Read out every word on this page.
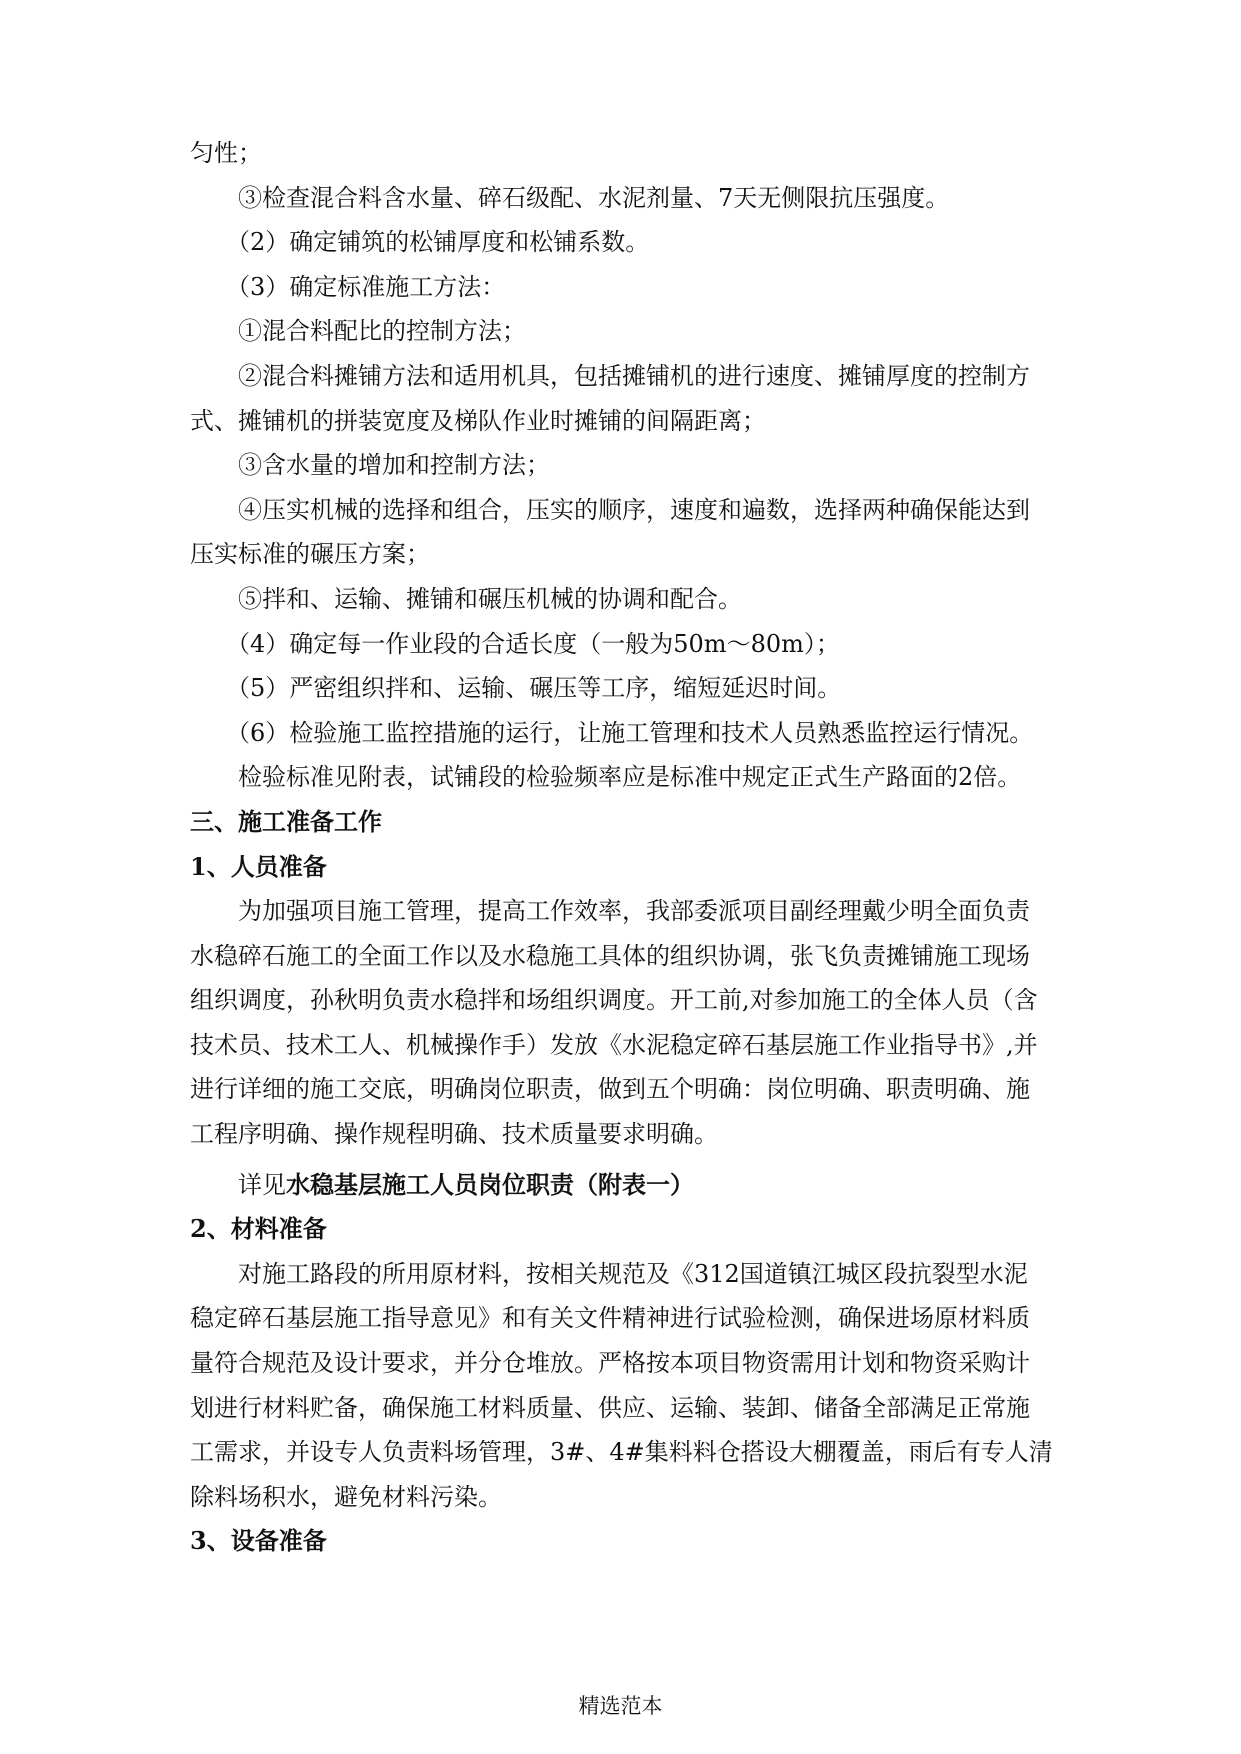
匀性；

③检查混合料含水量、碎石级配、水泥剂量、7天无侧限抗压强度。

（2）确定铺筑的松铺厚度和松铺系数。

（3）确定标准施工方法：

①混合料配比的控制方法；

②混合料摊铺方法和适用机具，包括摊铺机的进行速度、摊铺厚度的控制方

式、摊铺机的拼装宽度及梯队作业时摊铺的间隔距离；

③含水量的增加和控制方法；

④压实机械的选择和组合，压实的顺序，速度和遍数，选择两种确保能达到

压实标准的碾压方案；

⑤拌和、运输、摊铺和碾压机械的协调和配合。

（4）确定每一作业段的合适长度（一般为50m～80m）；

（5）严密组织拌和、运输、碾压等工序，缩短延迟时间。

（6）检验施工监控措施的运行，让施工管理和技术人员熟悉监控运行情况。

检验标准见附表，试铺段的检验频率应是标准中规定正式生产路面的2倍。

三、施工准备工作

1、人员准备

为加强项目施工管理，提高工作效率，我部委派项目副经理戴少明全面负责

水稳碎石施工的全面工作以及水稳施工具体的组织协调，张飞负责摊铺施工现场

组织调度，孙秋明负责水稳拌和场组织调度。开工前,对参加施工的全体人员（含

技术员、技术工人、机械操作手）发放《水泥稳定碎石基层施工作业指导书》,并

进行详细的施工交底，明确岗位职责，做到五个明确：岗位明确、职责明确、施

工程序明确、操作规程明确、技术质量要求明确。

详见水稳基层施工人员岗位职责（附表一）

2、材料准备

对施工路段的所用原材料，按相关规范及《312国道镇江城区段抗裂型水泥

稳定碎石基层施工指导意见》和有关文件精神进行试验检测，确保进场原材料质

量符合规范及设计要求，并分仓堆放。严格按本项目物资需用计划和物资采购计

划进行材料贮备，确保施工材料质量、供应、运输、装卸、储备全部满足正常施

工需求，并设专人负责料场管理，3#、4#集料料仓搭设大棚覆盖，雨后有专人清

除料场积水，避免材料污染。

3、设备准备

精选范本
